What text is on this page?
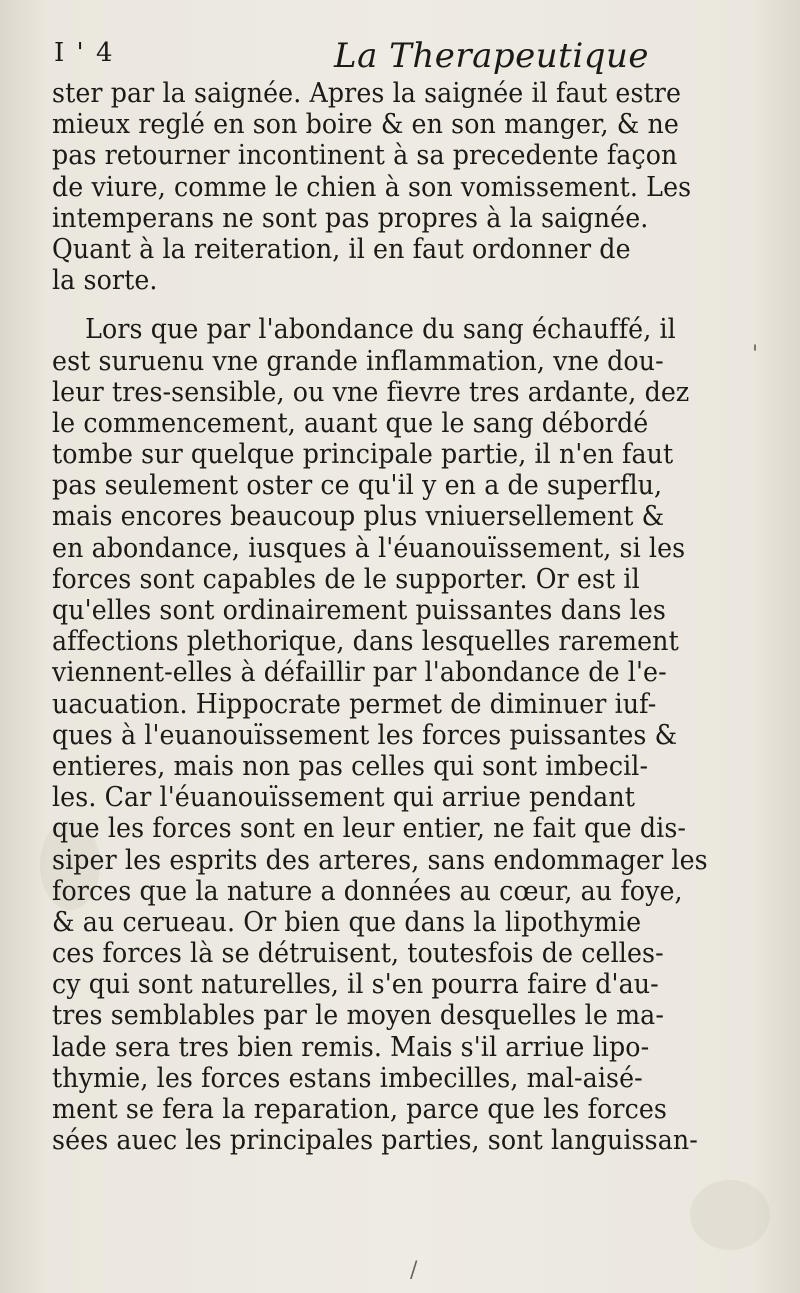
I ' 4	La Therapeutique
ster par la saignée. Apres la saignée il faut estre
mieux reglé en son boire & en son manger, & ne
pas retourner incontinent à sa precedente façon
de viure, comme le chien à son vomissement. Les
intemperans ne sont pas propres à la saignée.
Quant à la reiteration, il en faut ordonner de
la sorte.
Lors que par l'abondance du sang échauffé, il
est suruenu vne grande inflammation, vne dou-
leur tres-sensible, ou vne fievre tres ardante, dez
le commencement, auant que le sang débordé
tombe sur quelque principale partie, il n'en faut
pas seulement oster ce qu'il y en a de superflu,
mais encores beaucoup plus vniuersellement &
en abondance, iusques à l'éuanouïssement, si les
forces sont capables de le supporter. Or est il
qu'elles sont ordinairement puissantes dans les
affections plethorique, dans lesquelles rarement
viennent-elles à défaillir par l'abondance de l'e-
uacuation. Hippocrate permet de diminuer iuf-
ques à l'euanouïssement les forces puissantes &
entieres, mais non pas celles qui sont imbecil-
les. Car l'éuanouïssement qui arriue pendant
que les forces sont en leur entier, ne fait que dis-
siper les esprits des arteres, sans endommager les
forces que la nature a données au cœur, au foye,
& au cerueau. Or bien que dans la lipothymie
ces forces là se détruisent, toutesfois de celles-
cy qui sont naturelles, il s'en pourra faire d'au-
tres semblables par le moyen desquelles le ma-
lade sera tres bien remis. Mais s'il arriue lipo-
thymie, les forces estans imbecilles, mal-aisé-
ment se fera la reparation, parce que les forces
sées auec les principales parties, sont languissan-
'
/
